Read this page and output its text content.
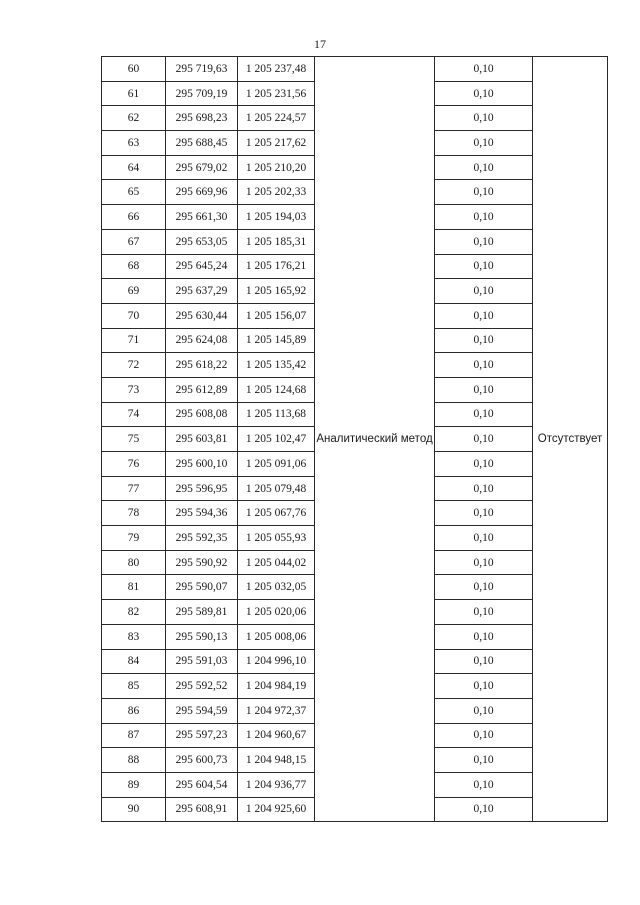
17
60	295 719,63	1 205 237,48	Аналитический метод	0,10	Отсутствует
61	295 709,19	1 205 231,56		0,10	
62	295 698,23	1 205 224,57		0,10	
63	295 688,45	1 205 217,62		0,10	
64	295 679,02	1 205 210,20		0,10	
65	295 669,96	1 205 202,33		0,10	
66	295 661,30	1 205 194,03		0,10	
67	295 653,05	1 205 185,31		0,10	
68	295 645,24	1 205 176,21		0,10	
69	295 637,29	1 205 165,92		0,10	
70	295 630,44	1 205 156,07		0,10	
71	295 624,08	1 205 145,89		0,10	
72	295 618,22	1 205 135,42		0,10	
73	295 612,89	1 205 124,68		0,10	
74	295 608,08	1 205 113,68		0,10	
75	295 603,81	1 205 102,47		0,10	
76	295 600,10	1 205 091,06		0,10	
77	295 596,95	1 205 079,48		0,10	
78	295 594,36	1 205 067,76		0,10	
79	295 592,35	1 205 055,93		0,10	
80	295 590,92	1 205 044,02		0,10	
81	295 590,07	1 205 032,05		0,10	
82	295 589,81	1 205 020,06		0,10	
83	295 590,13	1 205 008,06		0,10	
84	295 591,03	1 204 996,10		0,10	
85	295 592,52	1 204 984,19		0,10	
86	295 594,59	1 204 972,37		0,10	
87	295 597,23	1 204 960,67		0,10	
88	295 600,73	1 204 948,15		0,10	
89	295 604,54	1 204 936,77		0,10	
90	295 608,91	1 204 925,60		0,10	
